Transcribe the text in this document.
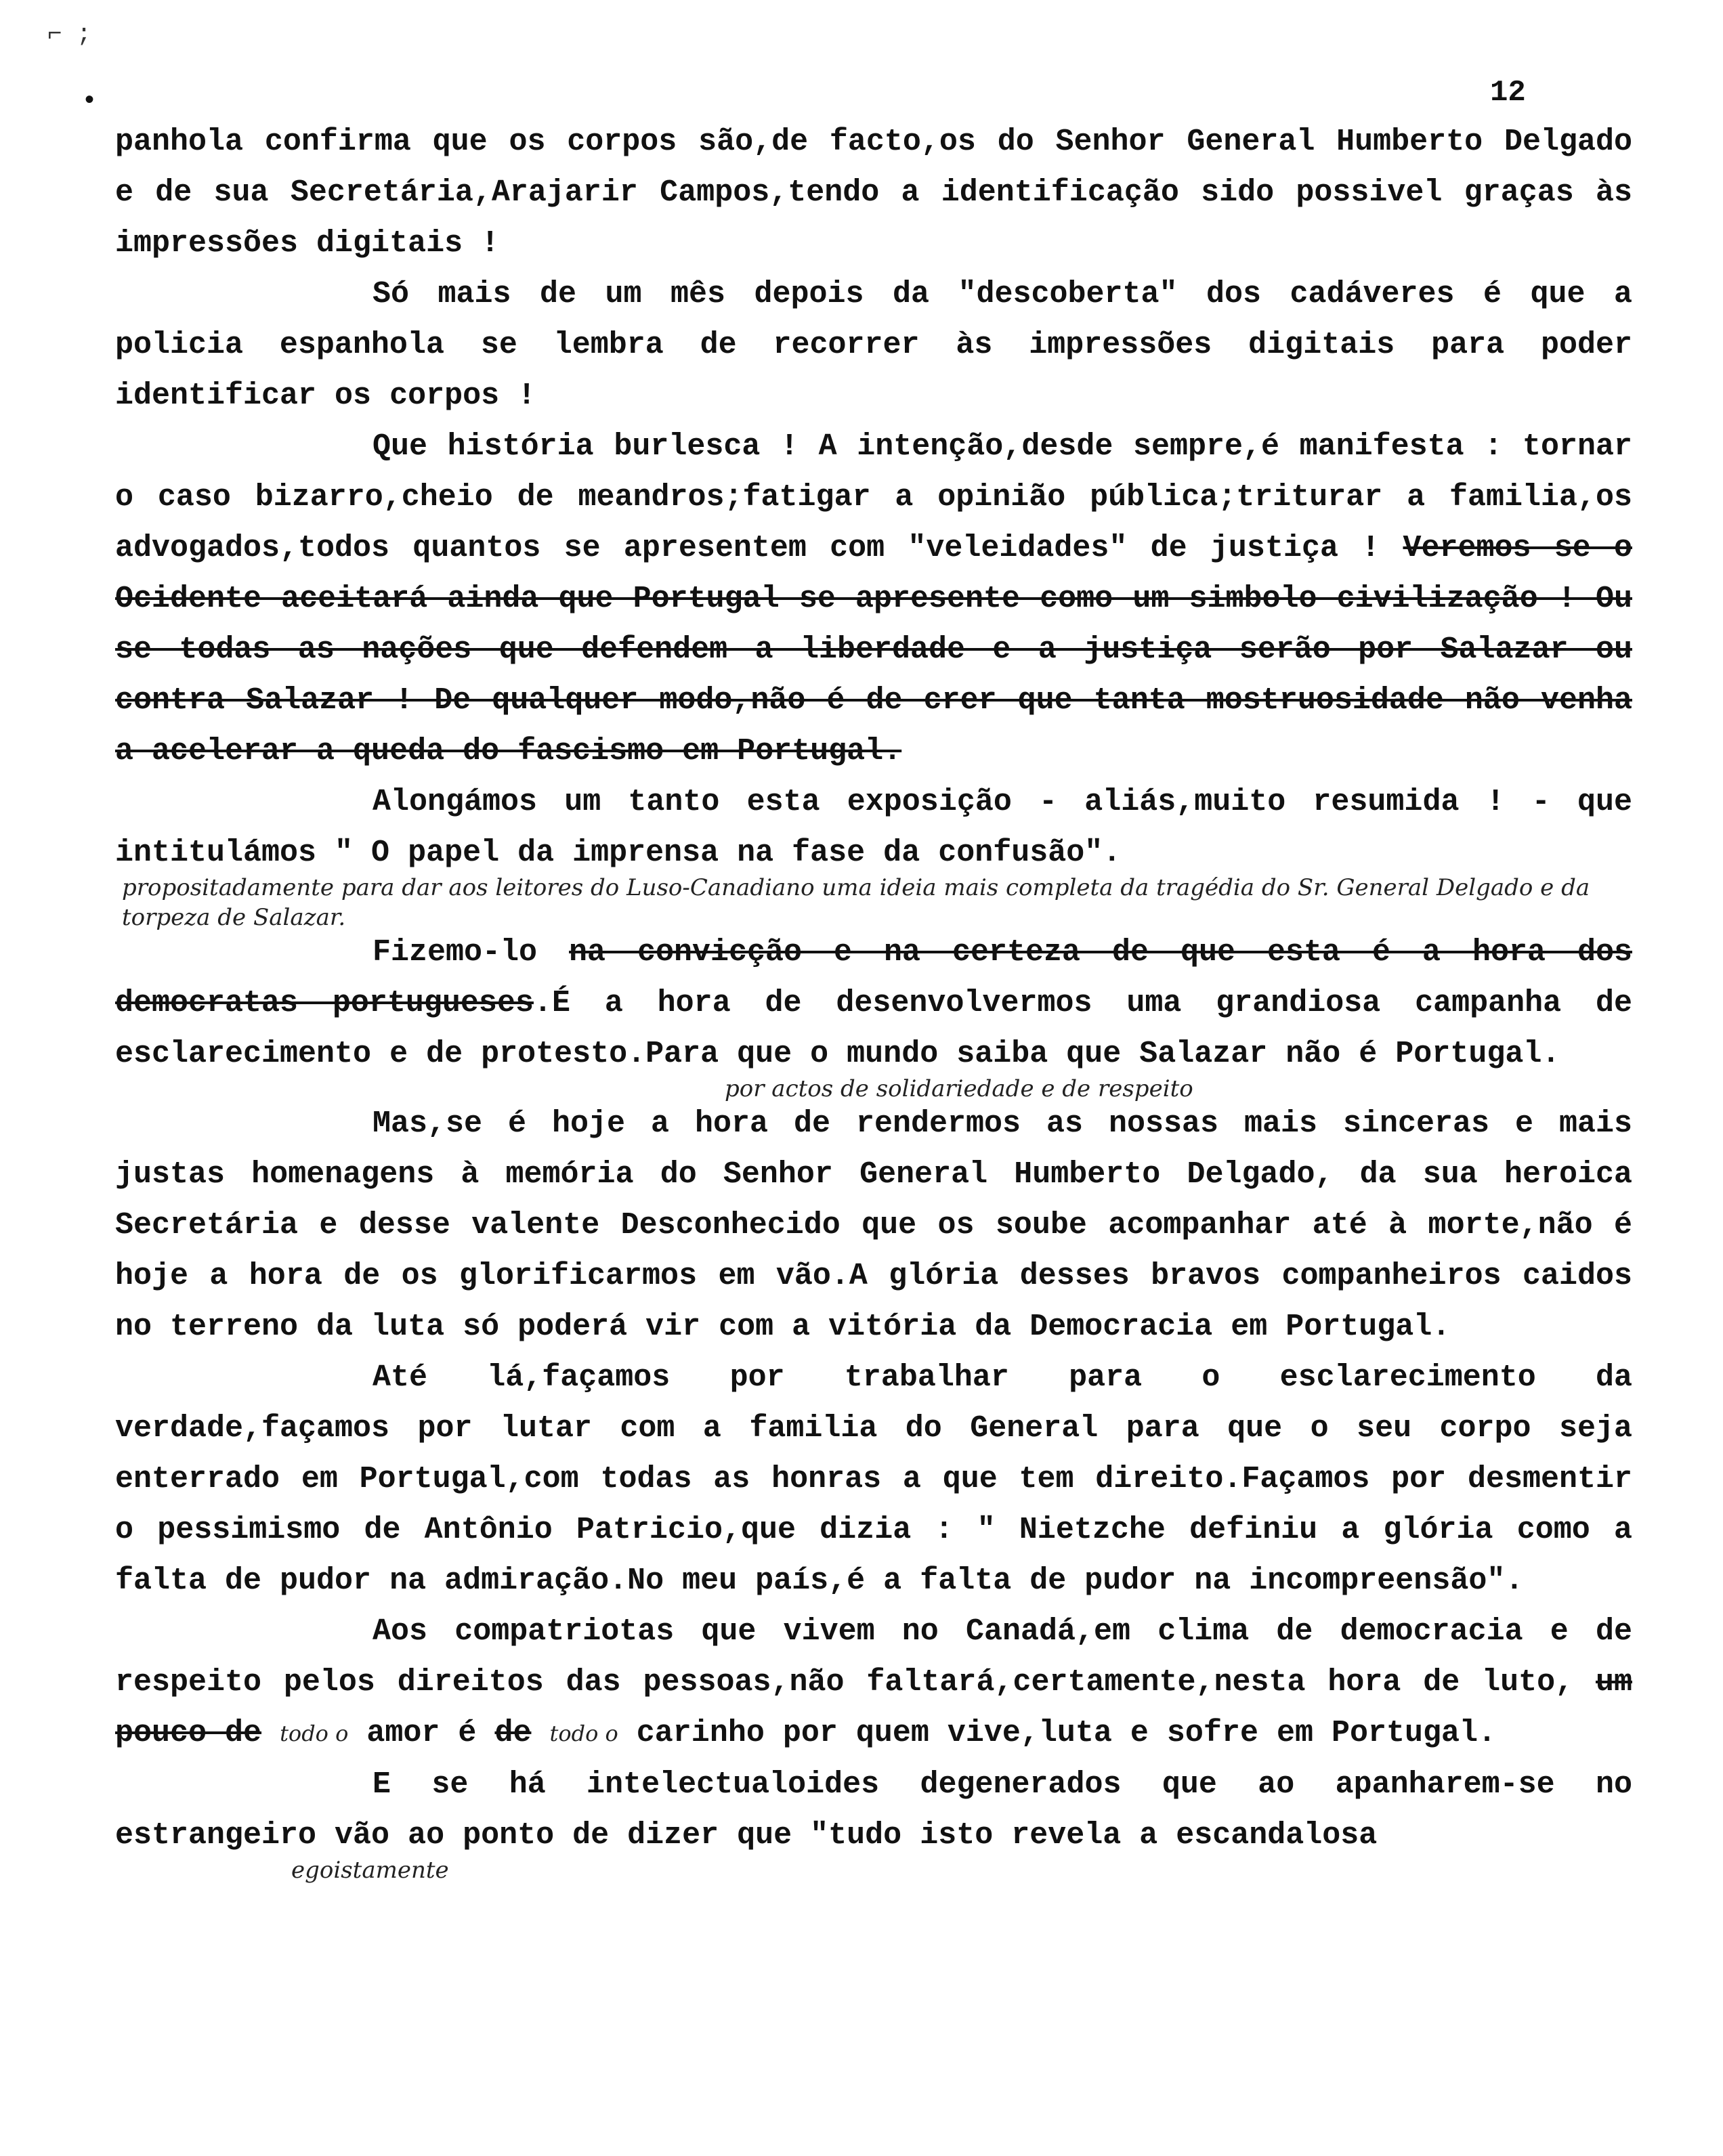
⌐ ;
•	12

panhola confirma que os corpos são,de facto,os do Senhor General Humberto Delgado e de sua Secretária,Arajarir Campos,tendo a identificação sido possivel graças às impressões digitais !

Só mais de um mês depois da "descoberta" dos cadáveres é que a policia espanhola se lembra de recorrer às impressões digitais para poder identificar os corpos !

Que história burlesca ! A intenção,desde sempre,é manifesta : tornar o caso bizarro,cheio de meandros;fatigar a opinião pública;triturar a familia,os advogados,todos quantos se apresentem com "veleidades" de justiça ! Veremos se o Ocidente aceitará ainda que Portugal se apresente como um simbolo civilização ! Ou se todas as nações que defendem a liberdade e a justiça serão por Salazar ou contra Salazar ! De qualquer modo,não é de crer que tanta mostruosidade não venha a acelerar a queda do fascismo em Portugal.

Alongámos um tanto esta exposição - aliás,muito resumida ! - que intitulámos " O papel da imprensa na fase da confusão".

propositadamente para dar aos leitores do Luso-Canadiano uma ideia mais completa da tragédia do Sr. General Delgado e da torpeza de Salazar.

Fizemo-lo na convicção e na certeza de que esta é a hora dos democratas portugueses.É a hora de desenvolvermos uma grandiosa campanha de esclarecimento e de protesto.Para que o mundo saiba que Salazar não é Portugal.

por actos de solidariedade e de respeito

Mas,se é hoje a hora de rendermos as nossas mais sinceras e mais justas homenagens à memória do Senhor General Humberto Delgado, da sua heroica Secretária e desse valente Desconhecido que os soube acompanhar até à morte,não é hoje a hora de os glorificarmos em vão.A glória desses bravos companheiros caidos no terreno da luta só poderá vir com a vitória da Democracia em Portugal.

Até lá,façamos por trabalhar para o esclarecimento da verdade,façamos por lutar com a familia do General para que o seu corpo seja enterrado em Portugal,com todas as honras a que tem direito.Façamos por desmentir o pessimismo de Antônio Patricio,que dizia : " Nietzche definiu a glória como a falta de pudor na admiração.No meu país,é a falta de pudor na incompreensão".

Aos compatriotas que vivem no Canadá,em clima de democracia e de respeito pelos direitos das pessoas,não faltará,certamente,nesta hora de luto, um pouco de todo o amor é de todo o carinho por quem vive,luta e sofre em Portugal.

E se há intelectualoides degenerados que ao apanharem-se no estrangeiro vão ao ponto de dizer que "tudo isto revela a escandalosa

egoistamente
